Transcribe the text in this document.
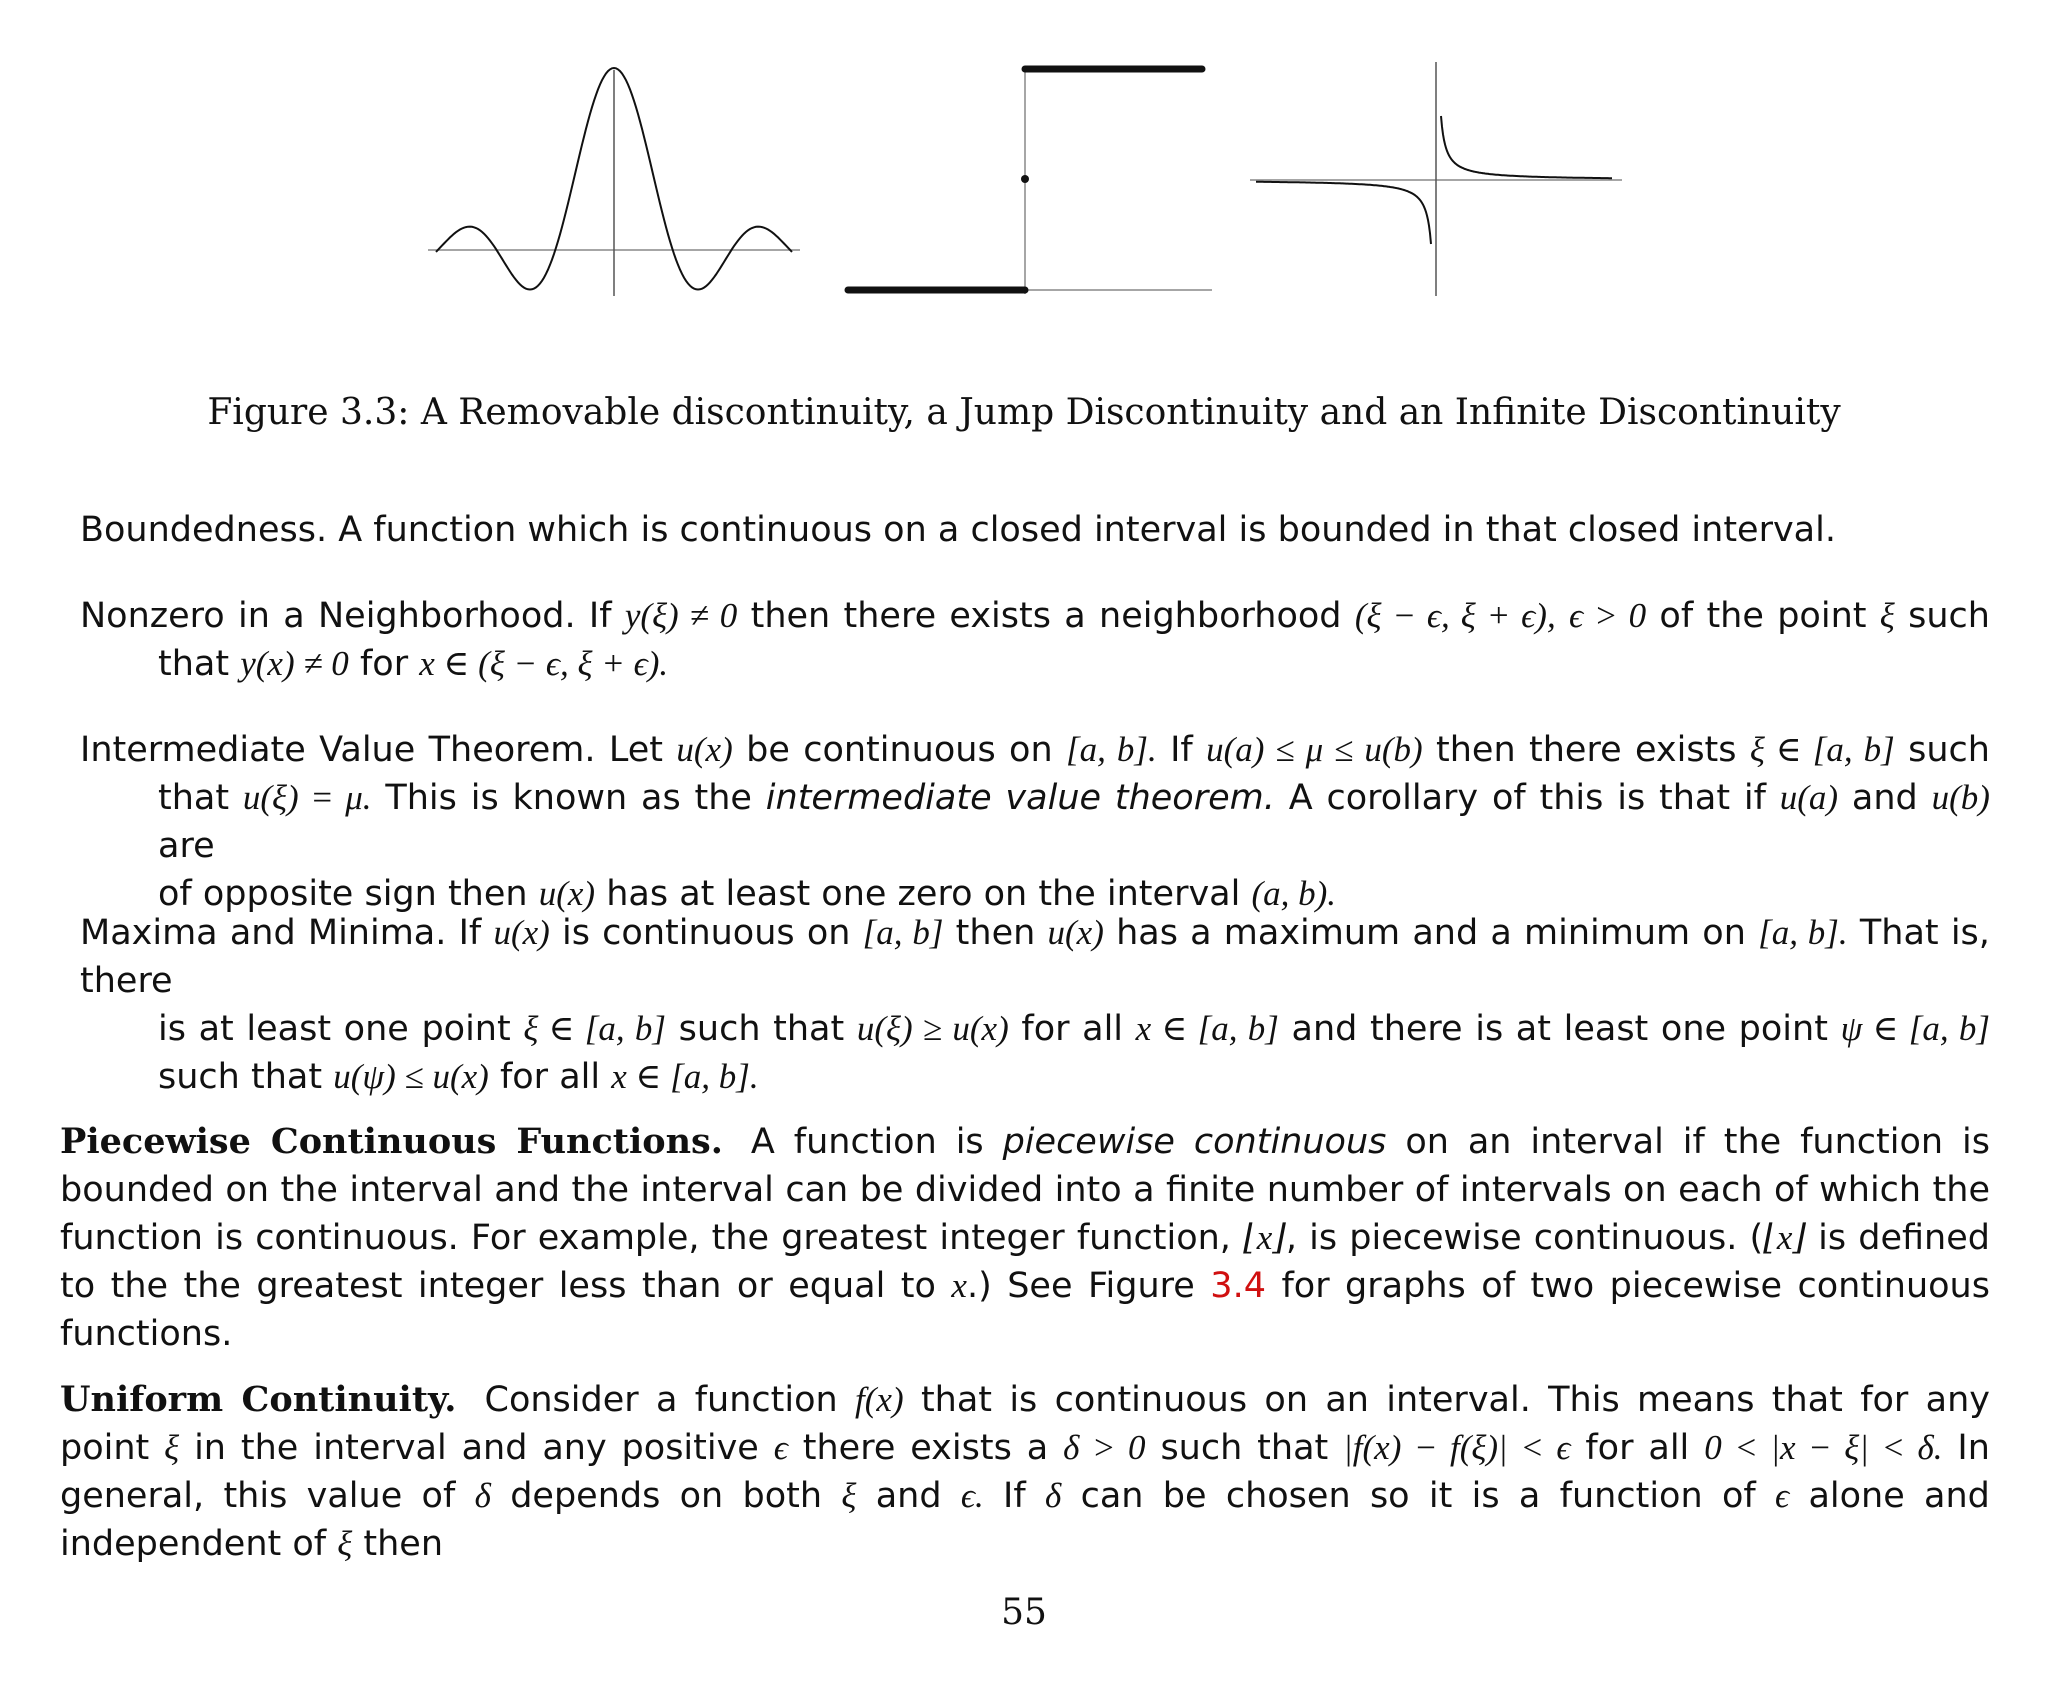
Figure 3.3: A Removable discontinuity, a Jump Discontinuity and an Infinite Discontinuity
Boundedness. A function which is continuous on a closed interval is bounded in that closed interval.
Nonzero in a Neighborhood. If y(ξ) ≠ 0 then there exists a neighborhood (ξ − ϵ, ξ + ϵ), ϵ > 0 of the point ξ such
that y(x) ≠ 0 for x ∈ (ξ − ϵ, ξ + ϵ).
Intermediate Value Theorem. Let u(x) be continuous on [a, b]. If u(a) ≤ μ ≤ u(b) then there exists ξ ∈ [a, b] such
that u(ξ) = μ. This is known as the intermediate value theorem. A corollary of this is that if u(a) and u(b) are
of opposite sign then u(x) has at least one zero on the interval (a, b).
Maxima and Minima. If u(x) is continuous on [a, b] then u(x) has a maximum and a minimum on [a, b]. That is, there
is at least one point ξ ∈ [a, b] such that u(ξ) ≥ u(x) for all x ∈ [a, b] and there is at least one point ψ ∈ [a, b]
such that u(ψ) ≤ u(x) for all x ∈ [a, b].
Piecewise Continuous Functions. A function is piecewise continuous on an interval if the function is bounded on the interval and the interval can be divided into a finite number of intervals on each of which the function is continuous. For example, the greatest integer function, ⌊x⌋, is piecewise continuous. (⌊x⌋ is defined to the the greatest integer less than or equal to x.) See Figure 3.4 for graphs of two piecewise continuous functions.
Uniform Continuity. Consider a function f(x) that is continuous on an interval. This means that for any point ξ in the interval and any positive ϵ there exists a δ > 0 such that |f(x) − f(ξ)| < ϵ for all 0 < |x − ξ| < δ. In general, this value of δ depends on both ξ and ϵ. If δ can be chosen so it is a function of ϵ alone and independent of ξ then
55
